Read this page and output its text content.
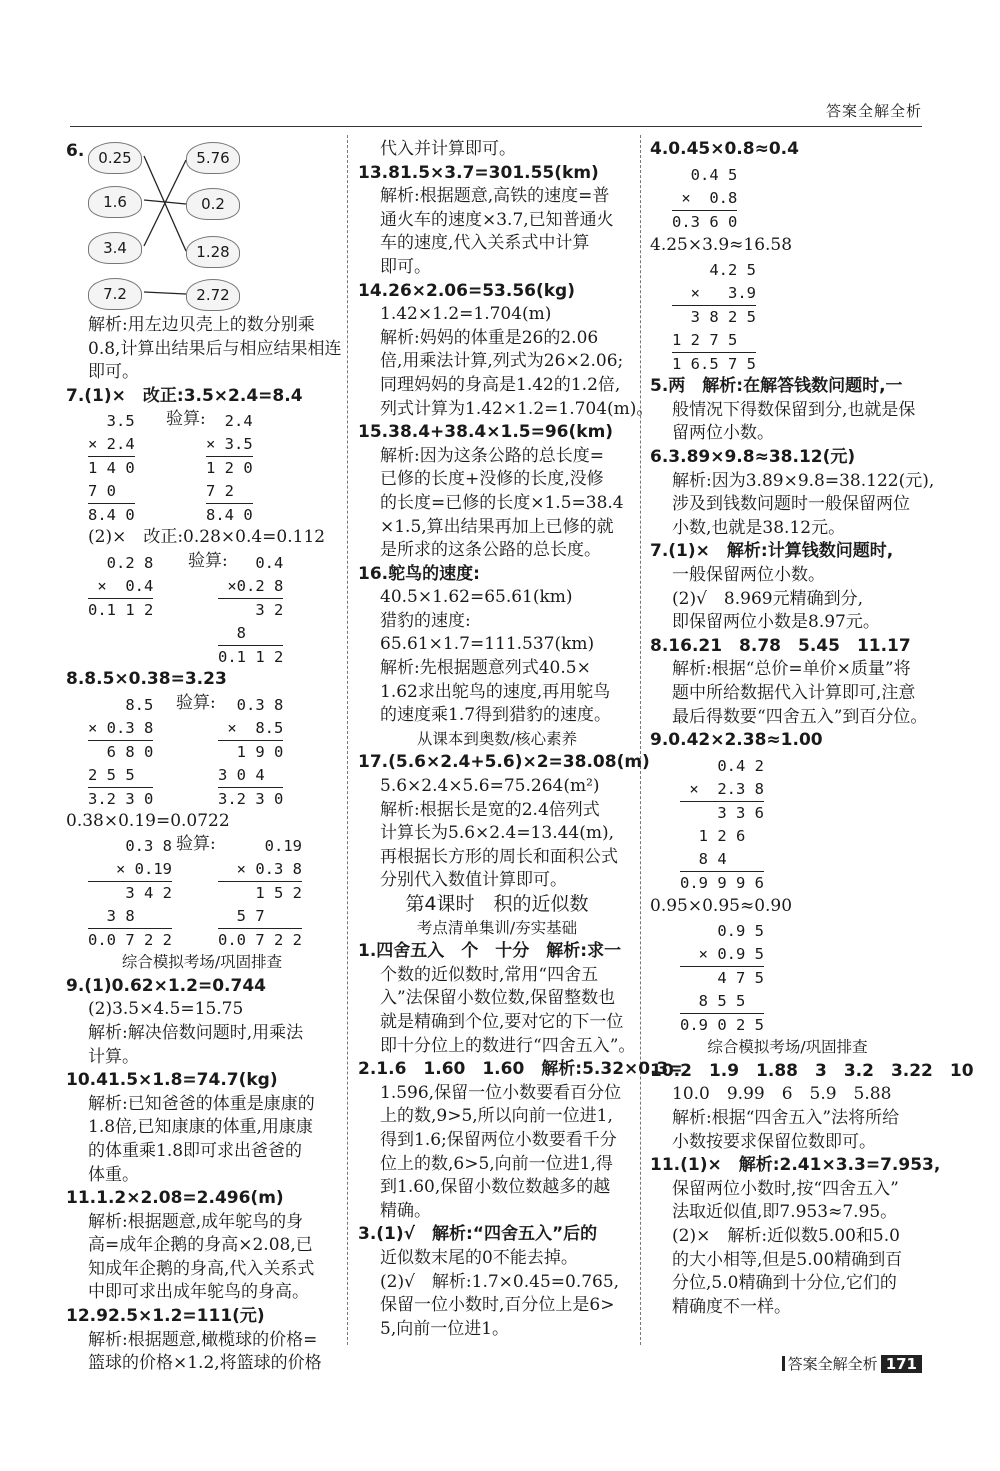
答案全解全析
6. 0.25
1.6
3.4
7.2
5.76
0.2
1.28
2.72
解析:用左边贝壳上的数分别乘
0.8,计算出结果后与相应结果相连
即可。
7.(1)×　改正:3.5×2.4=8.4
3.5
× 2.4
1 4 0
7 0
8.4 0
验算: 2.4
× 3.5
1 2 0
7 2
8.4 0
(2)×　改正:0.28×0.4=0.112
0.2 8
×  0.4
0.1 1 2
验算: 0.4
×0.2 8
3 2
8
0.1 1 2
8.8.5×0.38=3.23
8.5
× 0.3 8
6 8 0
2 5 5
3.2 3 0
验算:	0.3 8
×  8.5
1 9 0
3 0 4
3.2 3 0
0.38×0.19=0.0722
0.3 8
× 0.19
3 4 2
3 8
0.0 7 2 2
验算:	0.19
× 0.3 8
1 5 2
5 7
0.0 7 2 2
综合模拟考场/巩固排查
9.(1)0.62×1.2=0.744
(2)3.5×4.5=15.75
解析:解决倍数问题时,用乘法
计算。
10.41.5×1.8=74.7(kg)
解析:已知爸爸的体重是康康的
1.8倍,已知康康的体重,用康康
的体重乘1.8即可求出爸爸的
体重。
11.1.2×2.08=2.496(m)
解析:根据题意,成年鸵鸟的身
高=成年企鹅的身高×2.08,已
知成年企鹅的身高,代入关系式
中即可求出成年鸵鸟的身高。
12.92.5×1.2=111(元)
解析:根据题意,橄榄球的价格=
篮球的价格×1.2,将篮球的价格
代入并计算即可。
13.81.5×3.7=301.55(km)
解析:根据题意,高铁的速度=普
通火车的速度×3.7,已知普通火
车的速度,代入关系式中计算
即可。
14.26×2.06=53.56(kg)
1.42×1.2=1.704(m)
解析:妈妈的体重是26的2.06
倍,用乘法计算,列式为26×2.06;
同理妈妈的身高是1.42的1.2倍,
列式计算为1.42×1.2=1.704(m)。
15.38.4+38.4×1.5=96(km)
解析:因为这条公路的总长度=
已修的长度+没修的长度,没修
的长度=已修的长度×1.5=38.4
×1.5,算出结果再加上已修的就
是所求的这条公路的总长度。
16.鸵鸟的速度:
40.5×1.62=65.61(km)
猎豹的速度:
65.61×1.7=111.537(km)
解析:先根据题意列式40.5×
1.62求出鸵鸟的速度,再用鸵鸟
的速度乘1.7得到猎豹的速度。
从课本到奥数/核心素养
17.(5.6×2.4+5.6)×2=38.08(m)
5.6×2.4×5.6=75.264(m²)
解析:根据长是宽的2.4倍列式
计算长为5.6×2.4=13.44(m),
再根据长方形的周长和面积公式
分别代入数值计算即可。
第4课时　积的近似数
考点清单集训/夯实基础
1.四舍五入　个　十分　解析:求一
个数的近似数时,常用“四舍五
入”法保留小数位数,保留整数也
就是精确到个位,要对它的下一位
即十分位上的数进行“四舍五入”。
2.1.6　1.60　1.60　解析:5.32×0.3=
1.596,保留一位小数要看百分位
上的数,9>5,所以向前一位进1,
得到1.6;保留两位小数要看千分
位上的数,6>5,向前一位进1,得
到1.60,保留小数位数越多的越
精确。
3.(1)√　解析:“四舍五入”后的
近似数末尾的0不能去掉。
(2)√　解析:1.7×0.45=0.765,
保留一位小数时,百分位上是6>
5,向前一位进1。
4.0.45×0.8≈0.4
0.4 5
×  0.8
0.3 6 0
4.25×3.9≈16.58
4.2 5
×   3.9
3 8 2 5
1 2 7 5
1 6.5 7 5
5.两　解析:在解答钱数问题时,一
般情况下得数保留到分,也就是保
留两位小数。
6.3.89×9.8≈38.12(元)
解析:因为3.89×9.8=38.122(元),
涉及到钱数问题时一般保留两位
小数,也就是38.12元。
7.(1)×　解析:计算钱数问题时,
一般保留两位小数。
(2)√　8.969元精确到分,
即保留两位小数是8.97元。
8.16.21　8.78　5.45　11.17
解析:根据“总价=单价×质量”将
题中所给数据代入计算即可,注意
最后得数要“四舍五入”到百分位。
9.0.42×2.38≈1.00
0.4 2
×  2.3 8
3 3 6
1 2 6
8 4
0.9 9 9 6
0.95×0.95≈0.90
0.9 5
× 0.9 5
4 7 5
8 5 5
0.9 0 2 5
综合模拟考场/巩固排查
10.2　1.9　1.88　3　3.2　3.22　10
10.0　9.99　6　5.9　5.88
解析:根据“四舍五入”法将所给
小数按要求保留位数即可。
11.(1)×　解析:2.41×3.3=7.953,
保留两位小数时,按“四舍五入”
法取近似值,即7.953≈7.95。
(2)×　解析:近似数5.00和5.0
的大小相等,但是5.00精确到百
分位,5.0精确到十分位,它们的
精确度不一样。
答案全解全析 171
